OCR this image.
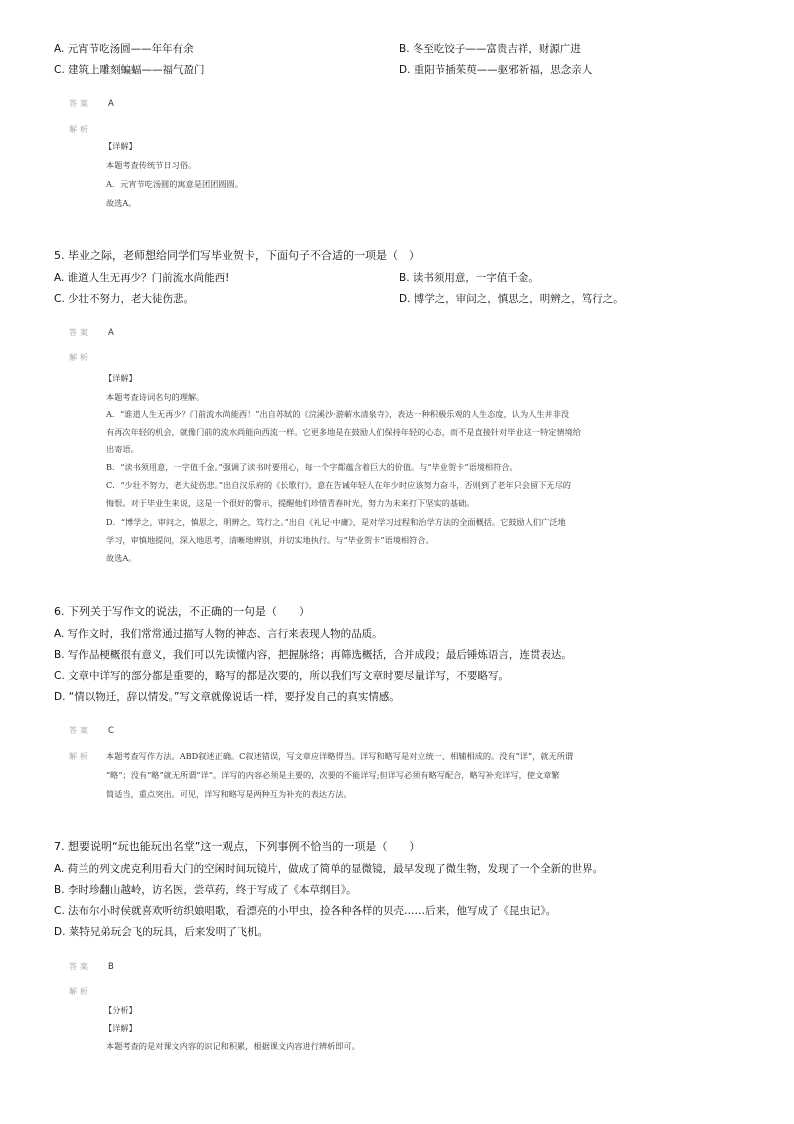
A. 元宵节吃汤圆——年年有余	B. 冬至吃饺子——富贵吉祥，财源广进
C. 建筑上雕刻蝙蝠——福气盈门	D. 重阳节插茱萸——驱邪祈福，思念亲人
答案 A
解析
【详解】
本题考查传统节日习俗。
A．元宵节吃汤圆的寓意是团团圆圆。
故选A。
5. 毕业之际，老师想给同学们写毕业贺卡，下面句子不合适的一项是（　）
A. 谁道人生无再少？门前流水尚能西!	B. 读书须用意，一字值千金。
C. 少壮不努力，老大徒伤悲。	D. 博学之，审问之，慎思之，明辨之，笃行之。
答案 A
解析
【详解】
本题考查诗词名句的理解。
A．“谁道人生无再少？门前流水尚能西！”出自苏轼的《浣溪沙·游蕲水清泉寺》，表达一种积极乐观的人生态度，认为人生并非没
有再次年轻的机会，就像门前的流水尚能向西流一样。它更多地是在鼓励人们保持年轻的心态，而不是直接针对毕业这一特定情境给
出寄语。
B．“读书须用意，一字值千金。”强调了读书时要用心，每一个字都蕴含着巨大的价值。与“毕业贺卡”语境相符合。
C．“少壮不努力，老大徒伤悲。”出自汉乐府的《长歌行》，意在告诫年轻人在年少时应该努力奋斗，否则到了老年只会留下无尽的
悔恨。对于毕业生来说，这是一个很好的警示，提醒他们珍惜青春时光，努力为未来打下坚实的基础。
D．“博学之，审问之，慎思之，明辨之，笃行之。”出自《礼记·中庸》，是对学习过程和治学方法的全面概括。它鼓励人们广泛地
学习，审慎地提问，深入地思考，清晰地辨别，并切实地执行。与“毕业贺卡”语境相符合。
故选A。
6. 下列关于写作文的说法，不正确的一句是（　　）
A. 写作文时，我们常常通过描写人物的神态、言行来表现人物的品质。
B. 写作品梗概很有意义，我们可以先读懂内容，把握脉络；再筛选概括，合并成段；最后锤炼语言，连贯表达。
C. 文章中详写的部分都是重要的，略写的都是次要的，所以我们写文章时要尽量详写，不要略写。
D. “情以物迁，辞以情发。”写文章就像说话一样，要抒发自己的真实情感。
答案 C
解析 本题考查写作方法。ABD叙述正确。C叙述错误，写文章应详略得当。详写和略写是对立统一、相辅相成的。没有“详”，就无所谓
“略”；没有“略”就无所谓“详”。详写的内容必须是主要的，次要的不能详写;但详写必须有略写配合，略写补充详写，使文章繁
简适当，重点突出。可见，详写和略写是两种互为补充的表达方法。
7. 想要说明“玩也能玩出名堂”这一观点，下列事例不恰当的一项是（　　）
A. 荷兰的列文虎克利用看大门的空闲时间玩镜片，做成了简单的显微镜，最早发现了微生物，发现了一个全新的世界。
B. 李时珍翻山越岭，访名医，尝草药，终于写成了《本草纲目》。
C. 法布尔小时侯就喜欢听纺织娘唱歌，看漂亮的小甲虫，捡各种各样的贝壳……后来，他写成了《昆虫记》。
D. 莱特兄弟玩会飞的玩具，后来发明了飞机。
答案 B
解析
【分析】
【详解】
本题考查的是对课文内容的识记和积累，根据课文内容进行辨析即可。
